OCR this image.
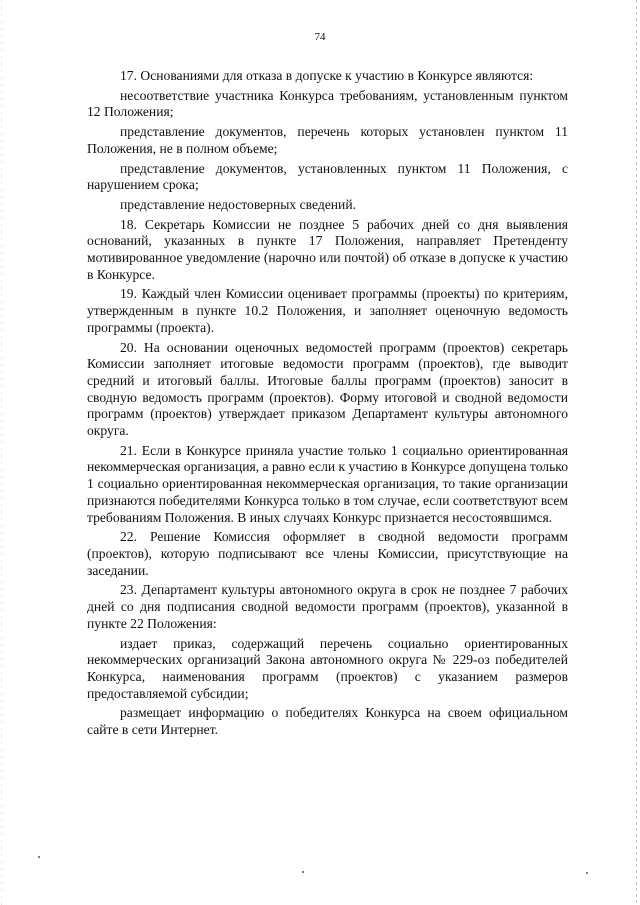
74

17. Основаниями для отказа в допуске к участию в Конкурсе являются:

несоответствие участника Конкурса требованиям, установленным пунктом 12 Положения;

представление документов, перечень которых установлен пунктом 11 Положения, не в полном объеме;

представление документов, установленных пунктом 11 Положения, с нарушением срока;

представление недостоверных сведений.

18. Секретарь Комиссии не позднее 5 рабочих дней со дня выявления оснований, указанных в пункте 17 Положения, направляет Претенденту мотивированное уведомление (нарочно или почтой) об отказе в допуске к участию в Конкурсе.

19. Каждый член Комиссии оценивает программы (проекты) по критериям, утвержденным в пункте 10.2 Положения, и заполняет оценочную ведомость программы (проекта).

20. На основании оценочных ведомостей программ (проектов) секретарь Комиссии заполняет итоговые ведомости программ (проектов), где выводит средний и итоговый баллы. Итоговые баллы программ (проектов) заносит в сводную ведомость программ (проектов). Форму итоговой и сводной ведомости программ (проектов) утверждает приказом Департамент культуры автономного округа.

21. Если в Конкурсе приняла участие только 1 социально ориентированная некоммерческая организация, а равно если к участию в Конкурсе допущена только 1 социально ориентированная некоммерческая организация, то такие организации признаются победителями Конкурса только в том случае, если соответствуют всем требованиям Положения. В иных случаях Конкурс признается несостоявшимся.

22. Решение Комиссия оформляет в сводной ведомости программ (проектов), которую подписывают все члены Комиссии, присутствующие на заседании.

23. Департамент культуры автономного округа в срок не позднее 7 рабочих дней со дня подписания сводной ведомости программ (проектов), указанной в пункте 22 Положения:

издает приказ, содержащий перечень социально ориентированных некоммерческих организаций Закона автономного округа № 229-оз победителей Конкурса, наименования программ (проектов) с указанием размеров предоставляемой субсидии;

размещает информацию о победителях Конкурса на своем официальном сайте в сети Интернет.
